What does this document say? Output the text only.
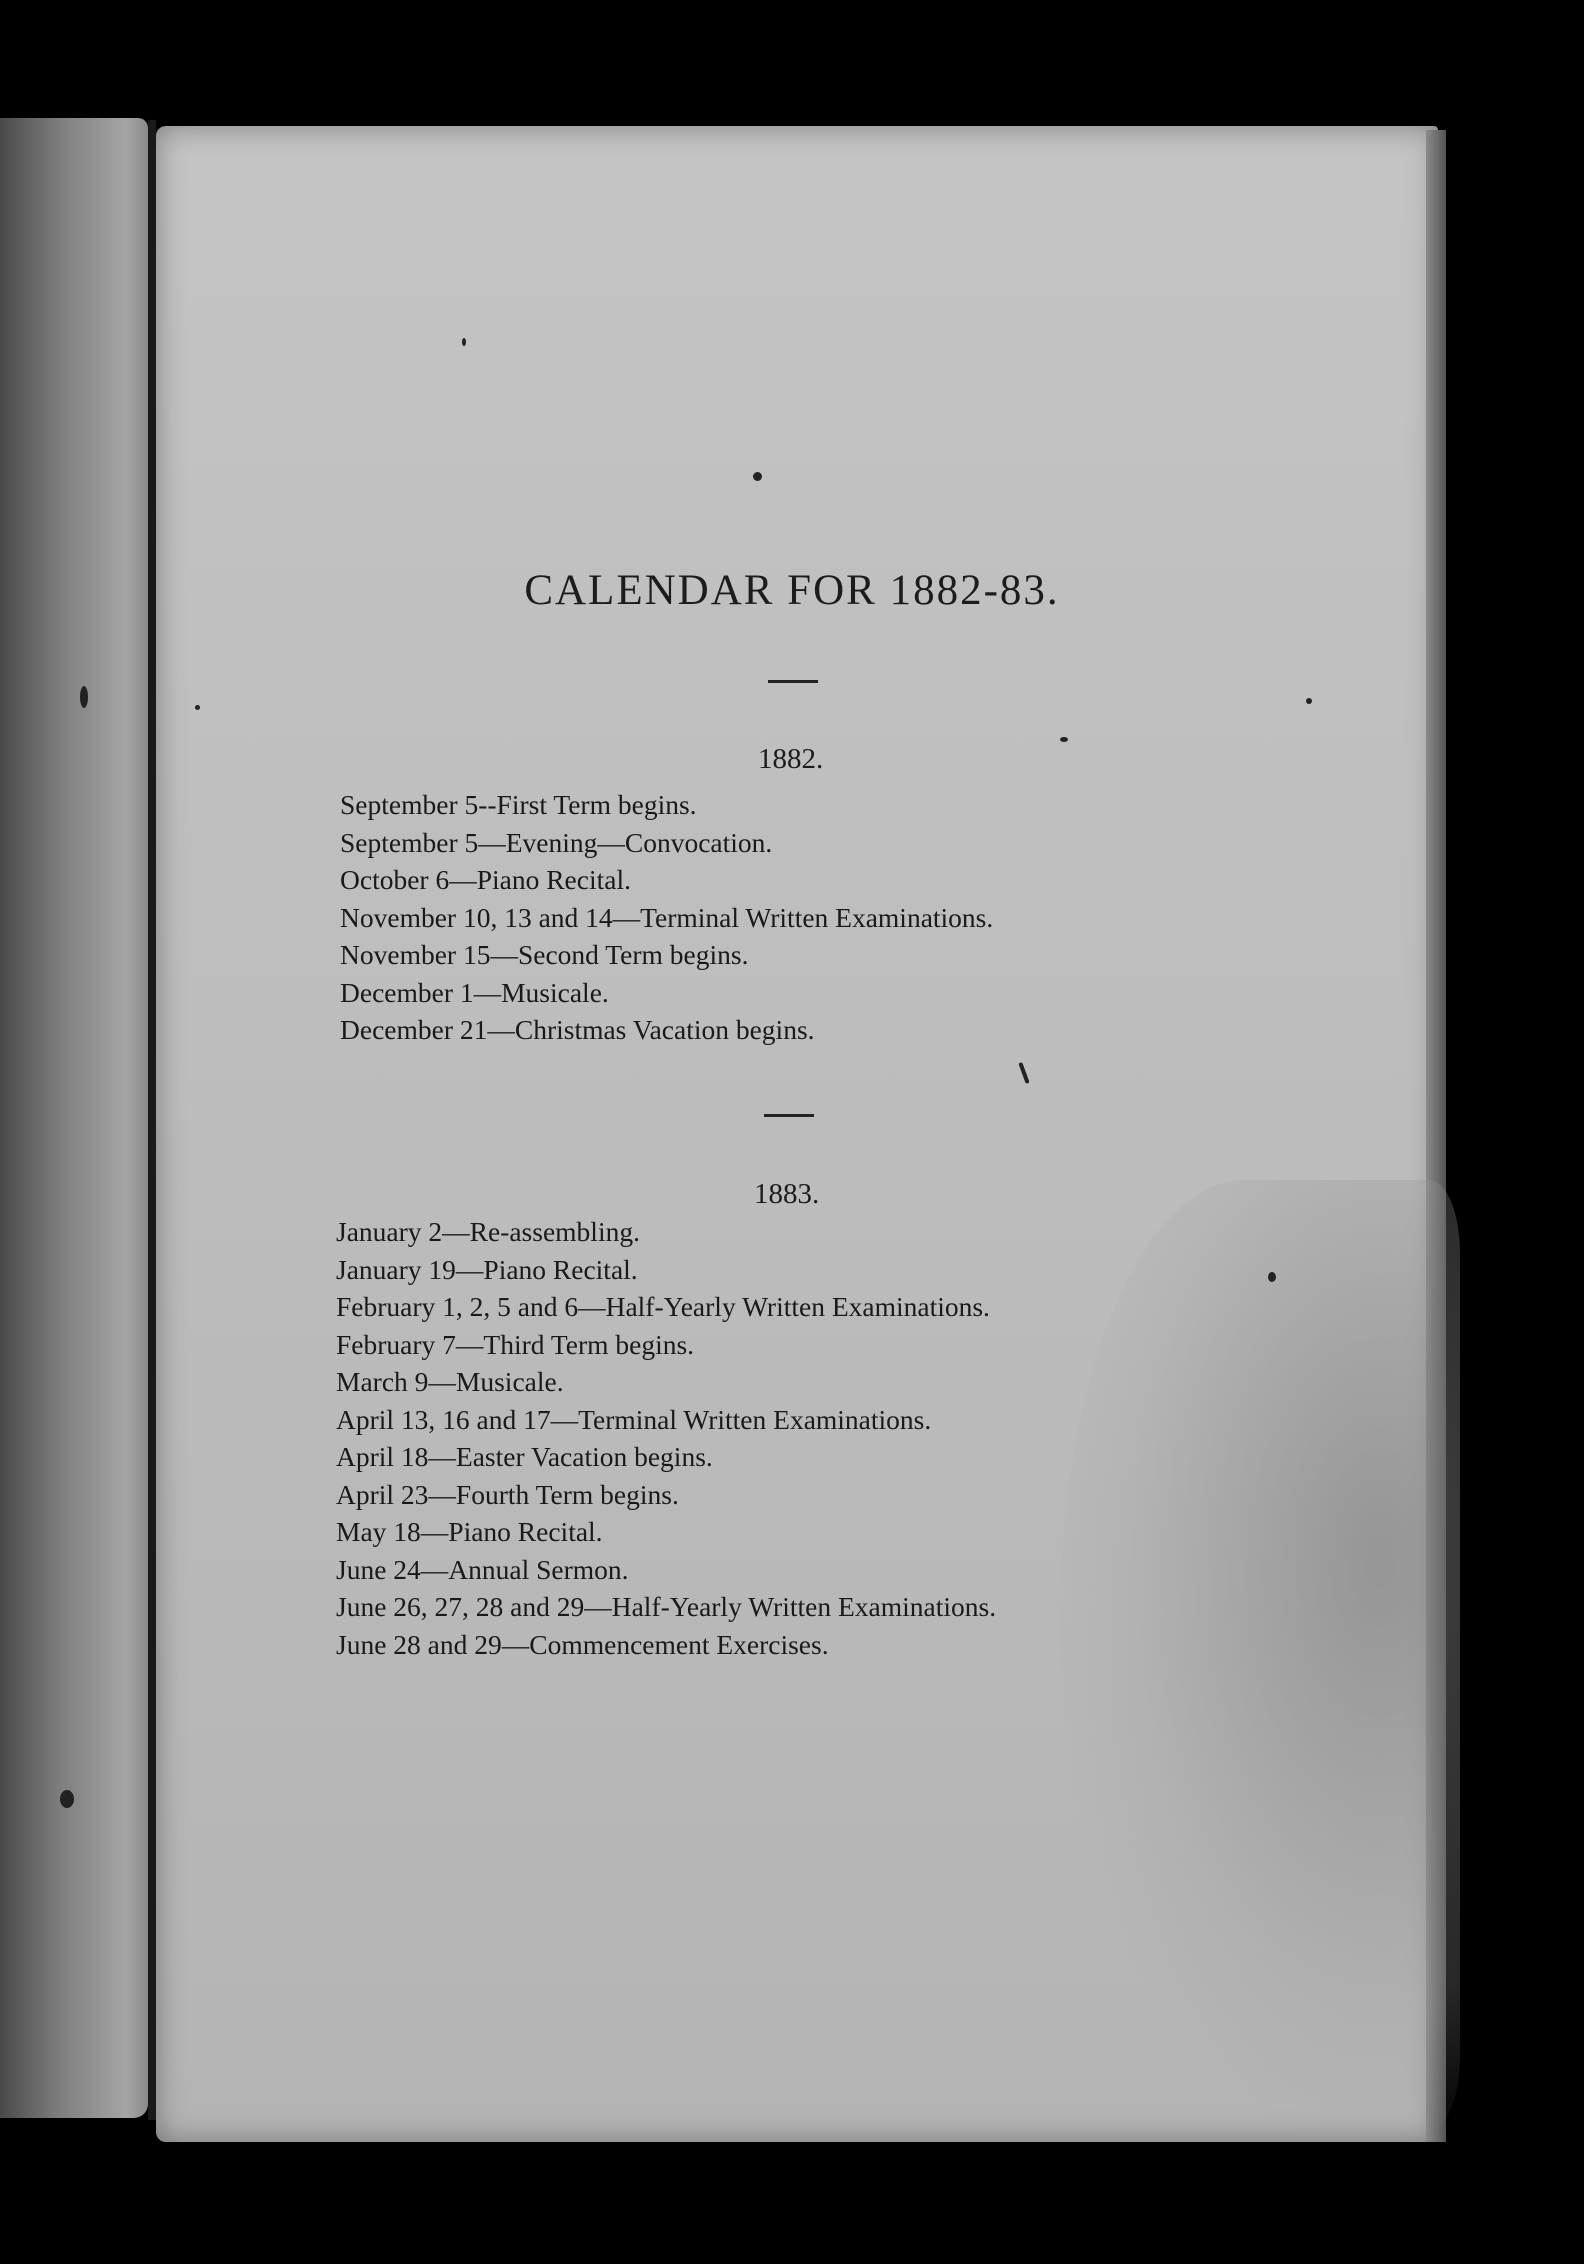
CALENDAR FOR 1882-83.
1882.
September 5--First Term begins.
September 5—Evening—Convocation.
October 6—Piano Recital.
November 10, 13 and 14—Terminal Written Examinations.
November 15—Second Term begins.
December 1—Musicale.
December 21—Christmas Vacation begins.
1883.
January 2—Re-assembling.
January 19—Piano Recital.
February 1, 2, 5 and 6—Half-Yearly Written Examinations.
February 7—Third Term begins.
March 9—Musicale.
April 13, 16 and 17—Terminal Written Examinations.
April 18—Easter Vacation begins.
April 23—Fourth Term begins.
May 18—Piano Recital.
June 24—Annual Sermon.
June 26, 27, 28 and 29—Half-Yearly Written Examinations.
June 28 and 29—Commencement Exercises.
